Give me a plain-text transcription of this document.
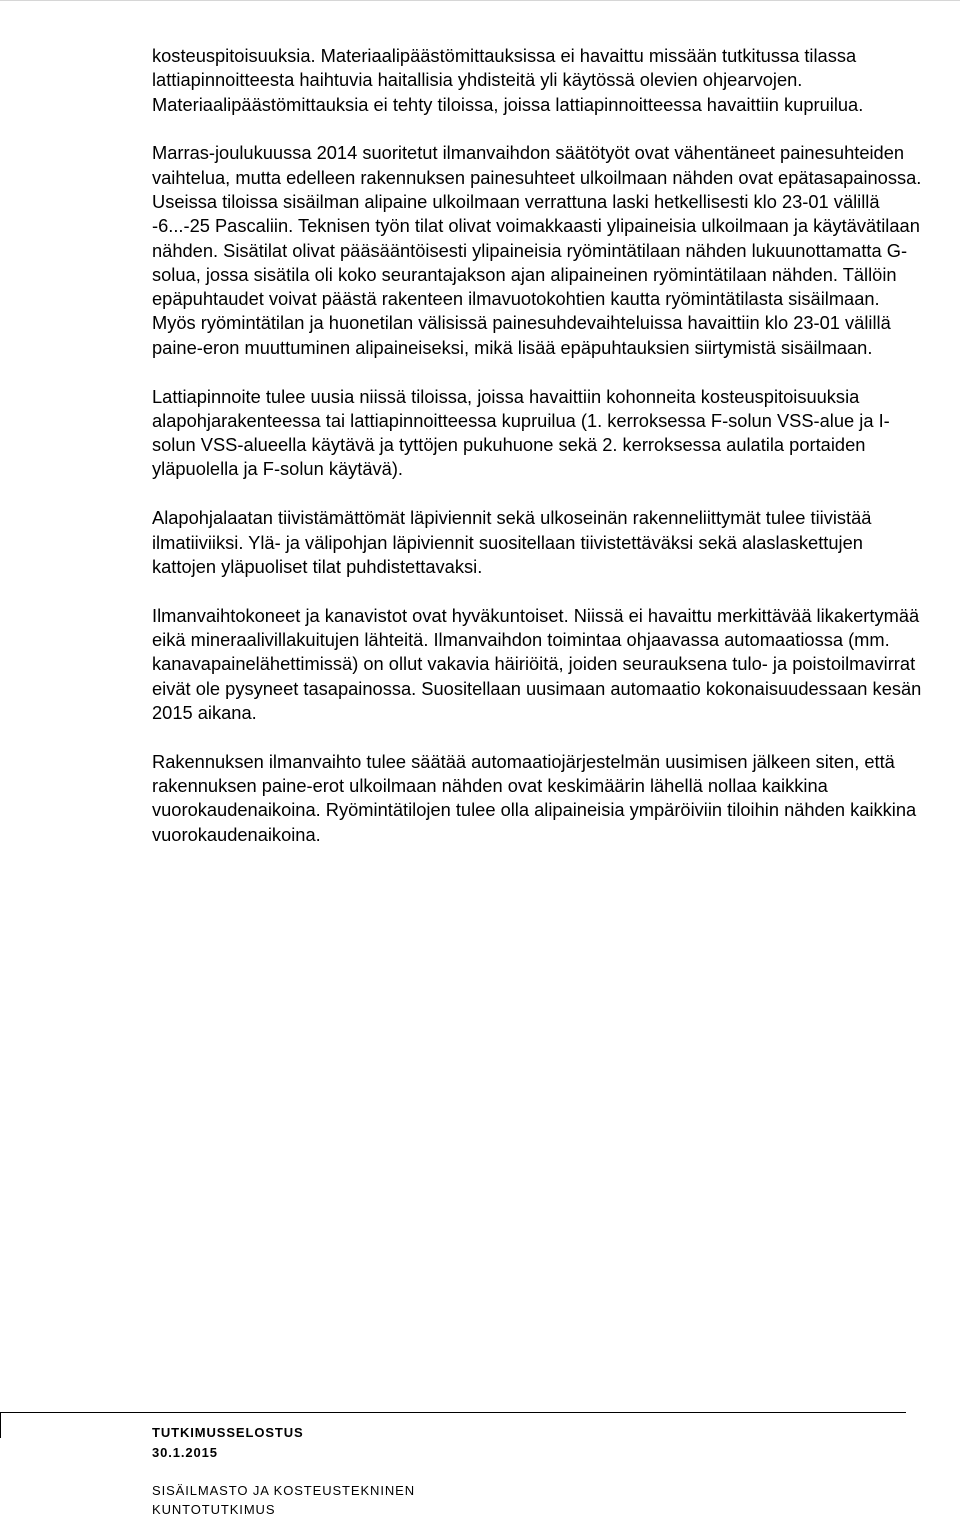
kosteuspitoisuuksia. Materiaalipäästömittauksissa ei havaittu missään tutkitussa tilassa lattiapinnoitteesta haihtuvia haitallisia yhdisteitä yli käytössä olevien ohjearvojen. Materiaalipäästömittauksia ei tehty tiloissa, joissa lattiapinnoitteessa havaittiin kupruilua.

Marras-joulukuussa 2014 suoritetut ilmanvaihdon säätötyöt ovat vähentäneet painesuhteiden vaihtelua, mutta edelleen rakennuksen painesuhteet ulkoilmaan nähden ovat epätasapainossa. Useissa tiloissa sisäilman alipaine ulkoilmaan verrattuna laski hetkellisesti klo 23-01 välillä -6...-25 Pascaliin. Teknisen työn tilat olivat voimakkaasti ylipaineisia ulkoilmaan ja käytävätilaan nähden. Sisätilat olivat pääsääntöisesti ylipaineisia ryömintätilaan nähden lukuunottamatta G-solua, jossa sisätila oli koko seurantajakson ajan alipaineinen ryömintätilaan nähden. Tällöin epäpuhtaudet voivat päästä rakenteen ilmavuotokohtien kautta ryömintätilasta sisäilmaan. Myös ryömintätilan ja huonetilan välisissä painesuhdevaihteluissa havaittiin klo 23-01 välillä paine-eron muuttuminen alipaineiseksi, mikä lisää epäpuhtauksien siirtymistä sisäilmaan.

Lattiapinnoite tulee uusia niissä tiloissa, joissa havaittiin kohonneita kosteuspitoisuuksia alapohjarakenteessa tai lattiapinnoitteessa kupruilua (1. kerroksessa F-solun VSS-alue ja I-solun VSS-alueella käytävä ja tyttöjen pukuhuone sekä 2. kerroksessa aulatila portaiden yläpuolella ja F-solun käytävä).

Alapohjalaatan tiivistämättömät läpiviennit sekä ulkoseinän rakenneliittymät tulee tiivistää ilmatiiviiksi. Ylä- ja välipohjan läpiviennit suositellaan tiivistettäväksi sekä alaslaskettujen kattojen yläpuoliset tilat puhdistettavaksi.

Ilmanvaihtokoneet ja kanavistot ovat hyväkuntoiset. Niissä ei havaittu merkittävää likakertymää eikä mineraalivillakuitujen lähteitä. Ilmanvaihdon toimintaa ohjaavassa automaatiossa (mm. kanavapainelähettimissä) on ollut vakavia häiriöitä, joiden seurauksena tulo- ja poistoilmavirrat eivät ole pysyneet tasapainossa. Suositellaan uusimaan automaatio kokonaisuudessaan kesän 2015 aikana.

Rakennuksen ilmanvaihto tulee säätää automaatiojärjestelmän uusimisen jälkeen siten, että rakennuksen paine-erot ulkoilmaan nähden ovat keskimäärin lähellä nollaa kaikkina vuorokaudenaikoina. Ryömintätilojen tulee olla alipaineisia ympäröiviin tiloihin nähden kaikkina vuorokaudenaikoina.

TUTKIMUSSELOSTUS
30.1.2015
SISÄILMASTO JA KOSTEUSTEKNINEN
KUNTOTUTKIMUS
